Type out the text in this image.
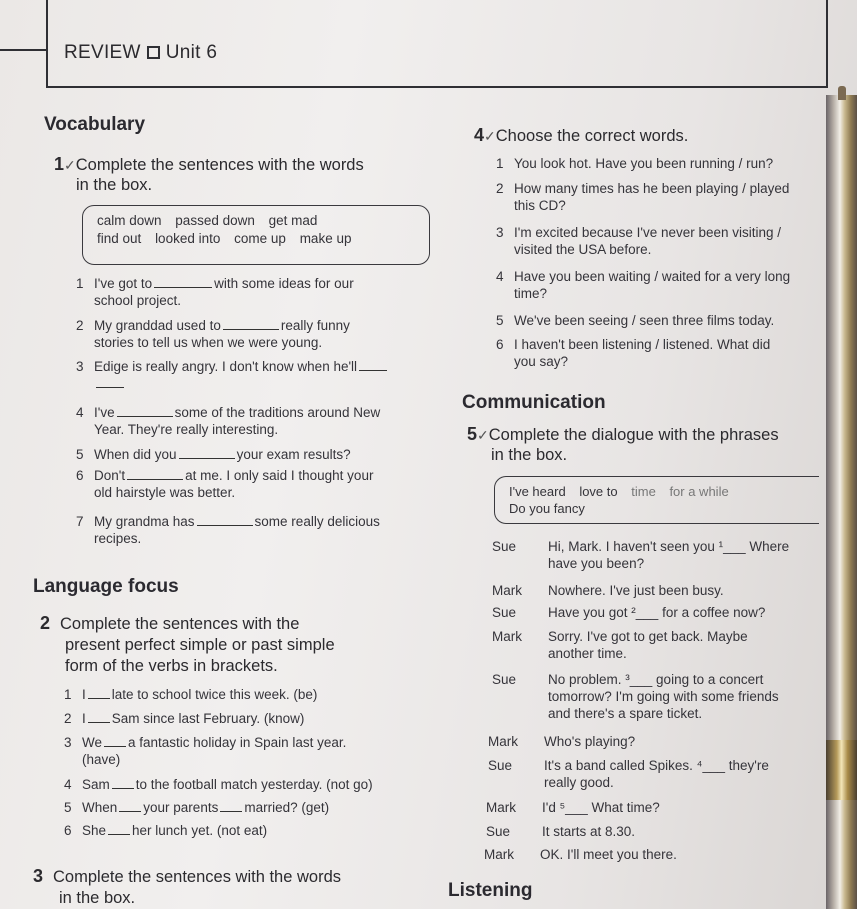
REVIEW Unit 6
Vocabulary
1✓Complete the sentences with the words
in the box.
calm down passed down get mad
find out looked into come up make up
1 I've got to	with some ideas for our
school project.
2 My granddad used to	really funny
stories to tell us when we were young.
3 Edige is really angry. I don't know when he'll

4 I've	some of the traditions around New
Year. They're really interesting.
5 When did you	your exam results?
6 Don't	at me. I only said I thought your
old hairstyle was better.
7 My grandma has	some really delicious
recipes.
Language focus
2 Complete the sentences with the
present perfect simple or past simple
form of the verbs in brackets.
1 I late to school twice this week. (be)
2 I Sam since last February. (know)
3 We a fantastic holiday in Spain last year.
(have)
4 Sam to the football match yesterday. (not go)
5 When your parents married? (get)
6 She her lunch yet. (not eat)
3 Complete the sentences with the words
in the box.
4✓Choose the correct words.
1 You look hot. Have you been running / run?
2 How many times has he been playing / played
this CD?
3 I'm excited because I've never been visiting /
visited the USA before.
4 Have you been waiting / waited for a very long
time?
5 We've been seeing / seen three films today.
6 I haven't been listening / listened. What did
you say?
Communication
5✓Complete the dialogue with the phrases
in the box.
I've heard love to time for a while
Do you fancy
Sue Hi, Mark. I haven't seen you ¹___ Where
have you been?
Mark Nowhere. I've just been busy.
Sue Have you got ²___ for a coffee now?
Mark Sorry. I've got to get back. Maybe
another time.
Sue No problem. ³___ going to a concert
tomorrow? I'm going with some friends
and there's a spare ticket.
Mark Who's playing?
Sue It's a band called Spikes. ⁴___ they're
really good.
Mark I'd ⁵___ What time?
Sue It starts at 8.30.
Mark OK. I'll meet you there.
Listening
